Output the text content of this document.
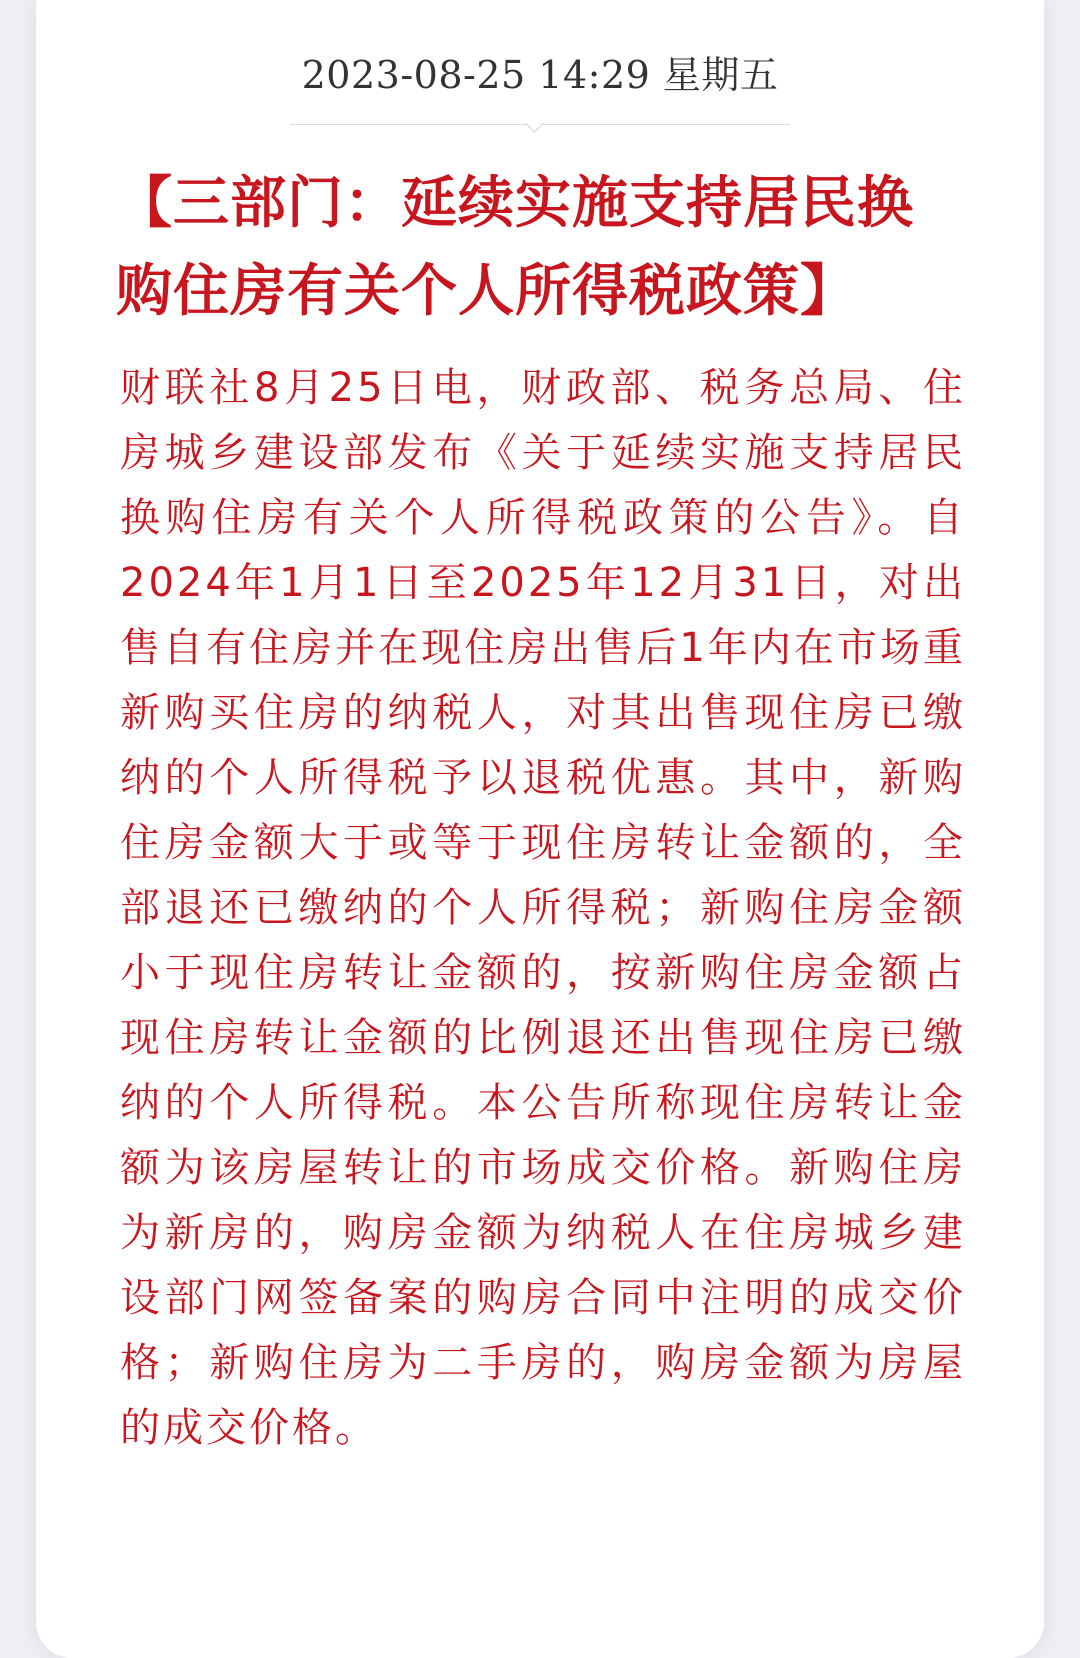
2023-08-25 14:29 星期五
【三部门：延续实施支持居民换购住房有关个人所得税政策】

财联社8月25日电，财政部、税务总局、住房城乡建设部发布《关于延续实施支持居民换购住房有关个人所得税政策的公告》。自2024年1月1日至2025年12月31日，对出售自有住房并在现住房出售后1年内在市场重新购买住房的纳税人，对其出售现住房已缴纳的个人所得税予以退税优惠。其中，新购住房金额大于或等于现住房转让金额的，全部退还已缴纳的个人所得税；新购住房金额小于现住房转让金额的，按新购住房金额占现住房转让金额的比例退还出售现住房已缴纳的个人所得税。本公告所称现住房转让金额为该房屋转让的市场成交价格。新购住房为新房的，购房金额为纳税人在住房城乡建设部门网签备案的购房合同中注明的成交价格；新购住房为二手房的，购房金额为房屋的成交价格。
